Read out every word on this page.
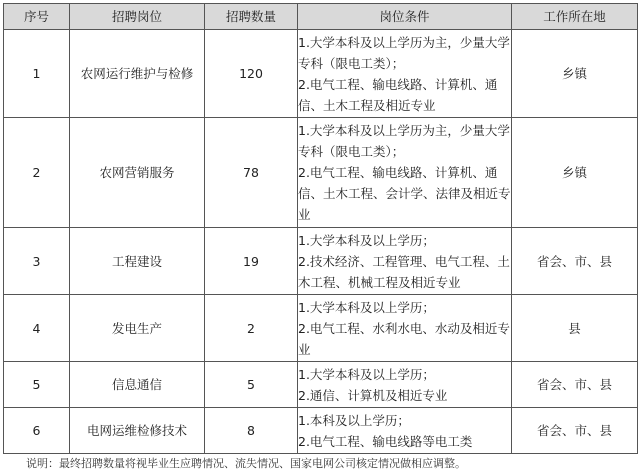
序号	招聘岗位	招聘数量	岗位条件	工作所在地
1	农网运行维护与检修	120	1.大学本科及以上学历为主，少量大学专科（限电工类）；
2.电气工程、输电线路、计算机、通信、土木工程及相近专业	乡镇
2	农网营销服务	78	1.大学本科及以上学历为主，少量大学专科（限电工类）；
2.电气工程、输电线路、计算机、通信、土木工程、会计学、法律及相近专业	乡镇
3	工程建设	19	1.大学本科及以上学历；
2.技术经济、工程管理、电气工程、土木工程、机械工程及相近专业	省会、市、县
4	发电生产	2	1.大学本科及以上学历；
2.电气工程、水利水电、水动及相近专业	县
5	信息通信	5	1.大学本科及以上学历；
2.通信、计算机及相近专业	省会、市、县
6	电网运维检修技术	8	1.本科及以上学历；
2.电气工程、输电线路等电工类	省会、市、县
说明：最终招聘数量将视毕业生应聘情况、流失情况、国家电网公司核定情况做相应调整。
